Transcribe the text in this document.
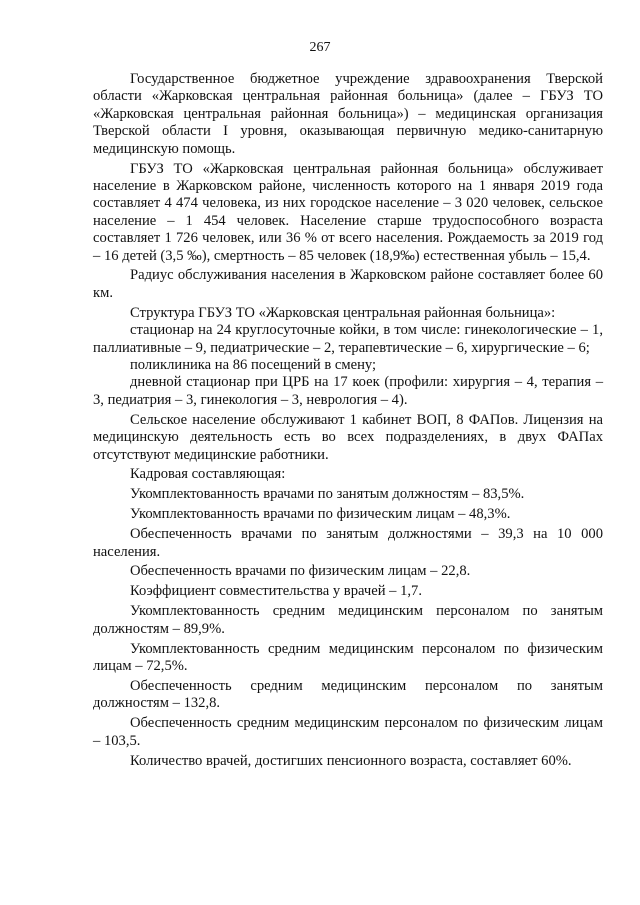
267

Государственное бюджетное учреждение здравоохранения Тверской области «Жарковская центральная районная больница» (далее – ГБУЗ ТО «Жарковская центральная районная больница») – медицинская организация Тверской области I уровня, оказывающая первичную медико-санитарную медицинскую помощь.

ГБУЗ ТО «Жарковская центральная районная больница» обслуживает население в Жарковском районе, численность которого на 1 января 2019 года составляет 4 474 человека, из них городское население – 3 020 человек, сельское население – 1 454 человек. Население старше трудоспособного возраста составляет 1 726 человек, или 36 % от всего населения. Рождаемость за 2019 год – 16 детей (3,5 ‰), смертность – 85 человек (18,9‰) естественная убыль – 15,4.

Радиус обслуживания населения в Жарковском районе составляет более 60 км.

Структура ГБУЗ ТО «Жарковская центральная районная больница»:

стационар на 24 круглосуточные койки, в том числе: гинекологические – 1, паллиативные – 9, педиатрические – 2, терапевтические – 6, хирургические – 6;

поликлиника на 86 посещений в смену;

дневной стационар при ЦРБ на 17 коек (профили: хирургия – 4, терапия – 3, педиатрия – 3, гинекология – 3, неврология – 4).

Сельское население обслуживают 1 кабинет ВОП, 8 ФАПов. Лицензия на медицинскую деятельность есть во всех подразделениях, в двух ФАПах отсутствуют медицинские работники.

Кадровая составляющая:

Укомплектованность врачами по занятым должностям – 83,5%.

Укомплектованность врачами по физическим лицам – 48,3%.

Обеспеченность врачами по занятым должностями – 39,3 на 10 000 населения.

Обеспеченность врачами по физическим лицам – 22,8.

Коэффициент совместительства у врачей – 1,7.

Укомплектованность средним медицинским персоналом по занятым должностям – 89,9%.

Укомплектованность средним медицинским персоналом по физическим лицам – 72,5%.

Обеспеченность средним медицинским персоналом по занятым должностям – 132,8.

Обеспеченность средним медицинским персоналом по физическим лицам – 103,5.

Количество врачей, достигших пенсионного возраста, составляет 60%.
